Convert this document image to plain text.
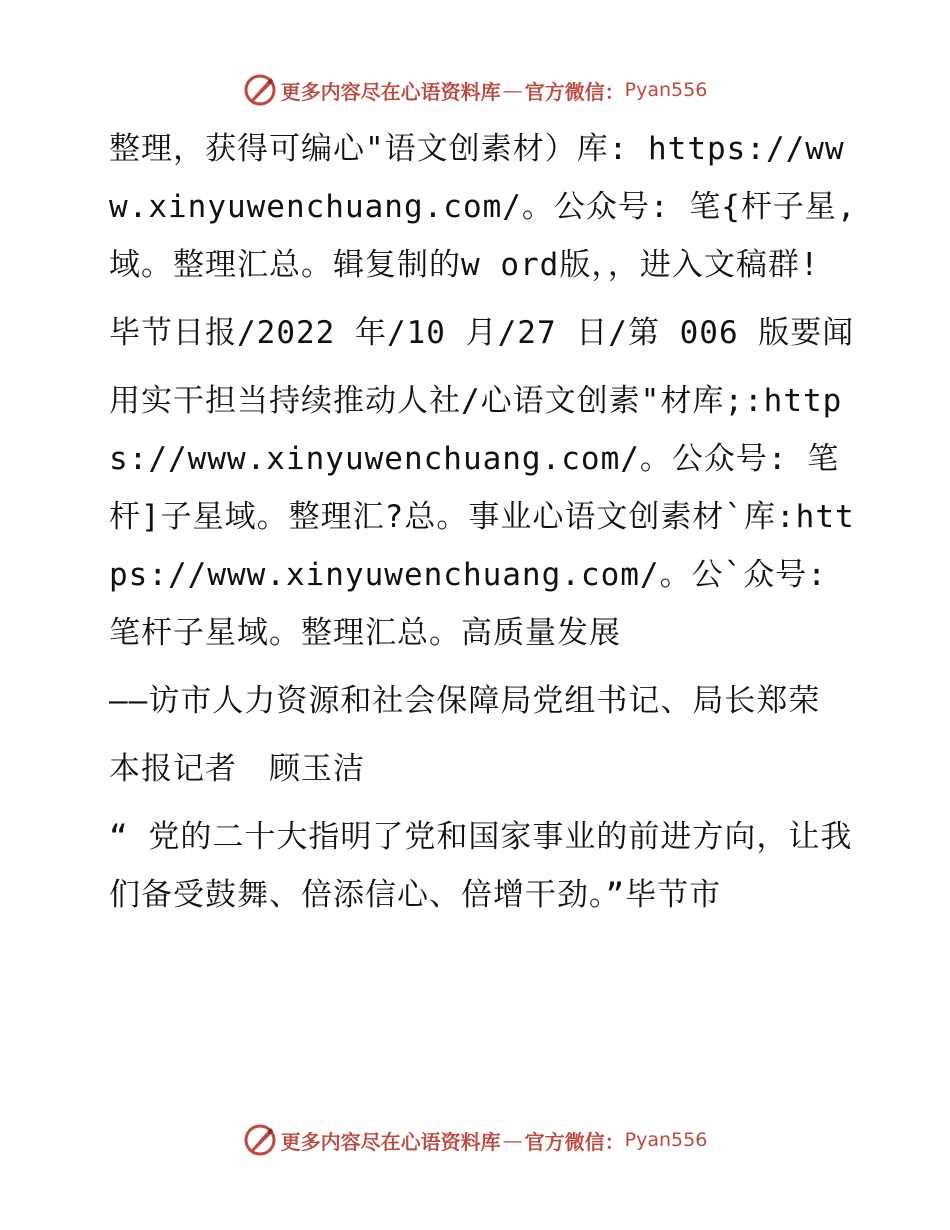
更多内容尽在心语资料库 — 官方微信： Pyan556

整理，获得可编心"语文创素材）库: https://www.xinyuwenchuang.com/。公众号: 笔{杆子星,域。整理汇总。辑复制的w ord版，，进入文稿群!

毕节日报/2022 年/10 月/27 日/第 006 版要闻

用实干担当持续推动人社/心语文创素"材库;:https://www.xinyuwenchuang.com/。公众号: 笔杆]子星域。整理汇?总。事业心语文创素材`库:https://www.xinyuwenchuang.com/。公`众号: 笔杆子星域。整理汇总。高质量发展

——访市人力资源和社会保障局党组书记、局长郑荣

本报记者　顾玉洁

“ 党的二十大指明了党和国家事业的前进方向，让我们备受鼓舞、倍添信心、倍增干劲。”毕节市

更多内容尽在心语资料库 — 官方微信： Pyan556
